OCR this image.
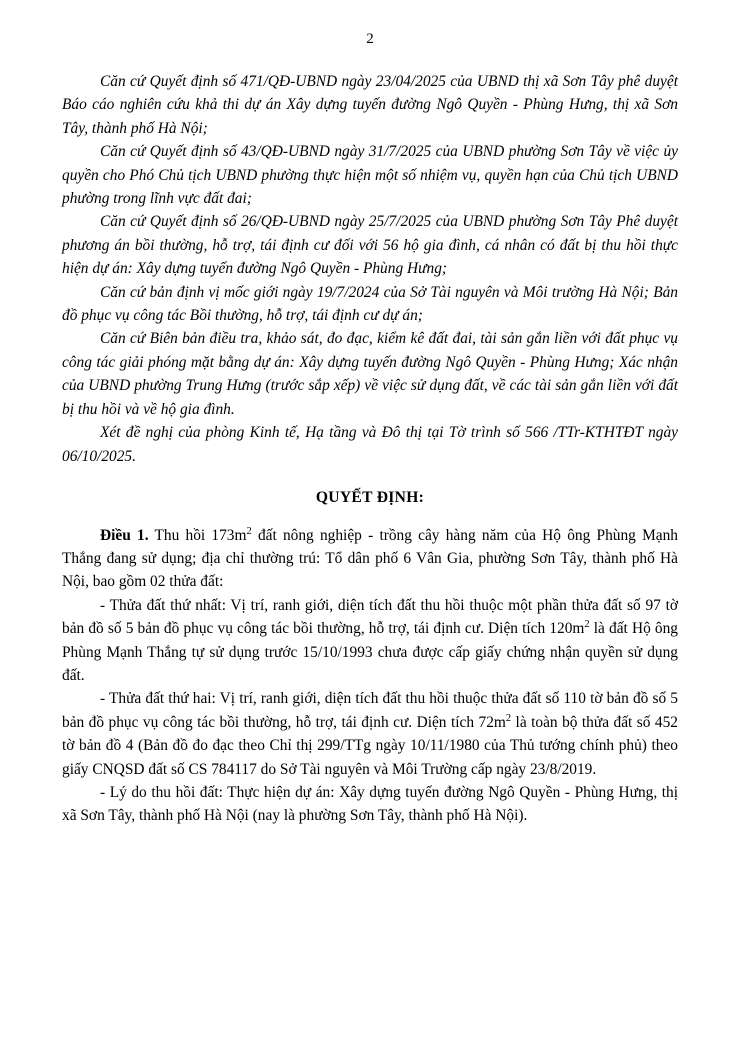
2

Căn cứ Quyết định số 471/QĐ-UBND ngày 23/04/2025 của UBND thị xã Sơn Tây phê duyệt Báo cáo nghiên cứu khả thi dự án Xây dựng tuyến đường Ngô Quyền - Phùng Hưng, thị xã Sơn Tây, thành phố Hà Nội;

Căn cứ Quyết định số 43/QĐ-UBND ngày 31/7/2025 của UBND phường Sơn Tây về việc ủy quyền cho Phó Chủ tịch UBND phường thực hiện một số nhiệm vụ, quyền hạn của Chủ tịch UBND phường trong lĩnh vực đất đai;

Căn cứ Quyết định số 26/QĐ-UBND ngày 25/7/2025 của UBND phường Sơn Tây Phê duyệt phương án bồi thường, hỗ trợ, tái định cư đối với 56 hộ gia đình, cá nhân có đất bị thu hồi thực hiện dự án: Xây dựng tuyến đường Ngô Quyền - Phùng Hưng;

Căn cứ bản định vị mốc giới ngày 19/7/2024 của Sở Tài nguyên và Môi trường Hà Nội; Bản đồ phục vụ công tác Bồi thường, hỗ trợ, tái định cư dự án;

Căn cứ Biên bản điều tra, khảo sát, đo đạc, kiểm kê đất đai, tài sản gắn liền với đất phục vụ công tác giải phóng mặt bằng dự án: Xây dựng tuyến đường Ngô Quyền - Phùng Hưng; Xác nhận của UBND phường Trung Hưng (trước sắp xếp) về việc sử dụng đất, về các tài sản gắn liền với đất bị thu hồi và về hộ gia đình.

Xét đề nghị của phòng Kinh tế, Hạ tầng và Đô thị tại Tờ trình số 566 /TTr-KTHTĐT ngày 06/10/2025.

QUYẾT ĐỊNH:

Điều 1. Thu hồi $173m^2$ đất nông nghiệp - trồng cây hàng năm của Hộ ông Phùng Mạnh Thắng đang sử dụng; địa chỉ thường trú: Tổ dân phố 6 Vân Gia, phường Sơn Tây, thành phố Hà Nội, bao gồm 02 thửa đất:

- Thửa đất thứ nhất: Vị trí, ranh giới, diện tích đất thu hồi thuộc một phần thửa đất số 97 tờ bản đồ số 5 bản đồ phục vụ công tác bồi thường, hỗ trợ, tái định cư. Diện tích $120m^2$ là đất Hộ ông Phùng Mạnh Thắng tự sử dụng trước 15/10/1993 chưa được cấp giấy chứng nhận quyền sử dụng đất.

- Thửa đất thứ hai: Vị trí, ranh giới, diện tích đất thu hồi thuộc thửa đất số 110 tờ bản đồ số 5 bản đồ phục vụ công tác bồi thường, hỗ trợ, tái định cư. Diện tích $72m^2$ là toàn bộ thửa đất số 452 tờ bản đồ 4 (Bản đồ đo đạc theo Chỉ thị 299/TTg ngày 10/11/1980 của Thủ tướng chính phủ) theo giấy CNQSD đất số CS 784117 do Sở Tài nguyên và Môi Trường cấp ngày 23/8/2019.

- Lý do thu hồi đất: Thực hiện dự án: Xây dựng tuyến đường Ngô Quyền - Phùng Hưng, thị xã Sơn Tây, thành phố Hà Nội (nay là phường Sơn Tây, thành phố Hà Nội).
